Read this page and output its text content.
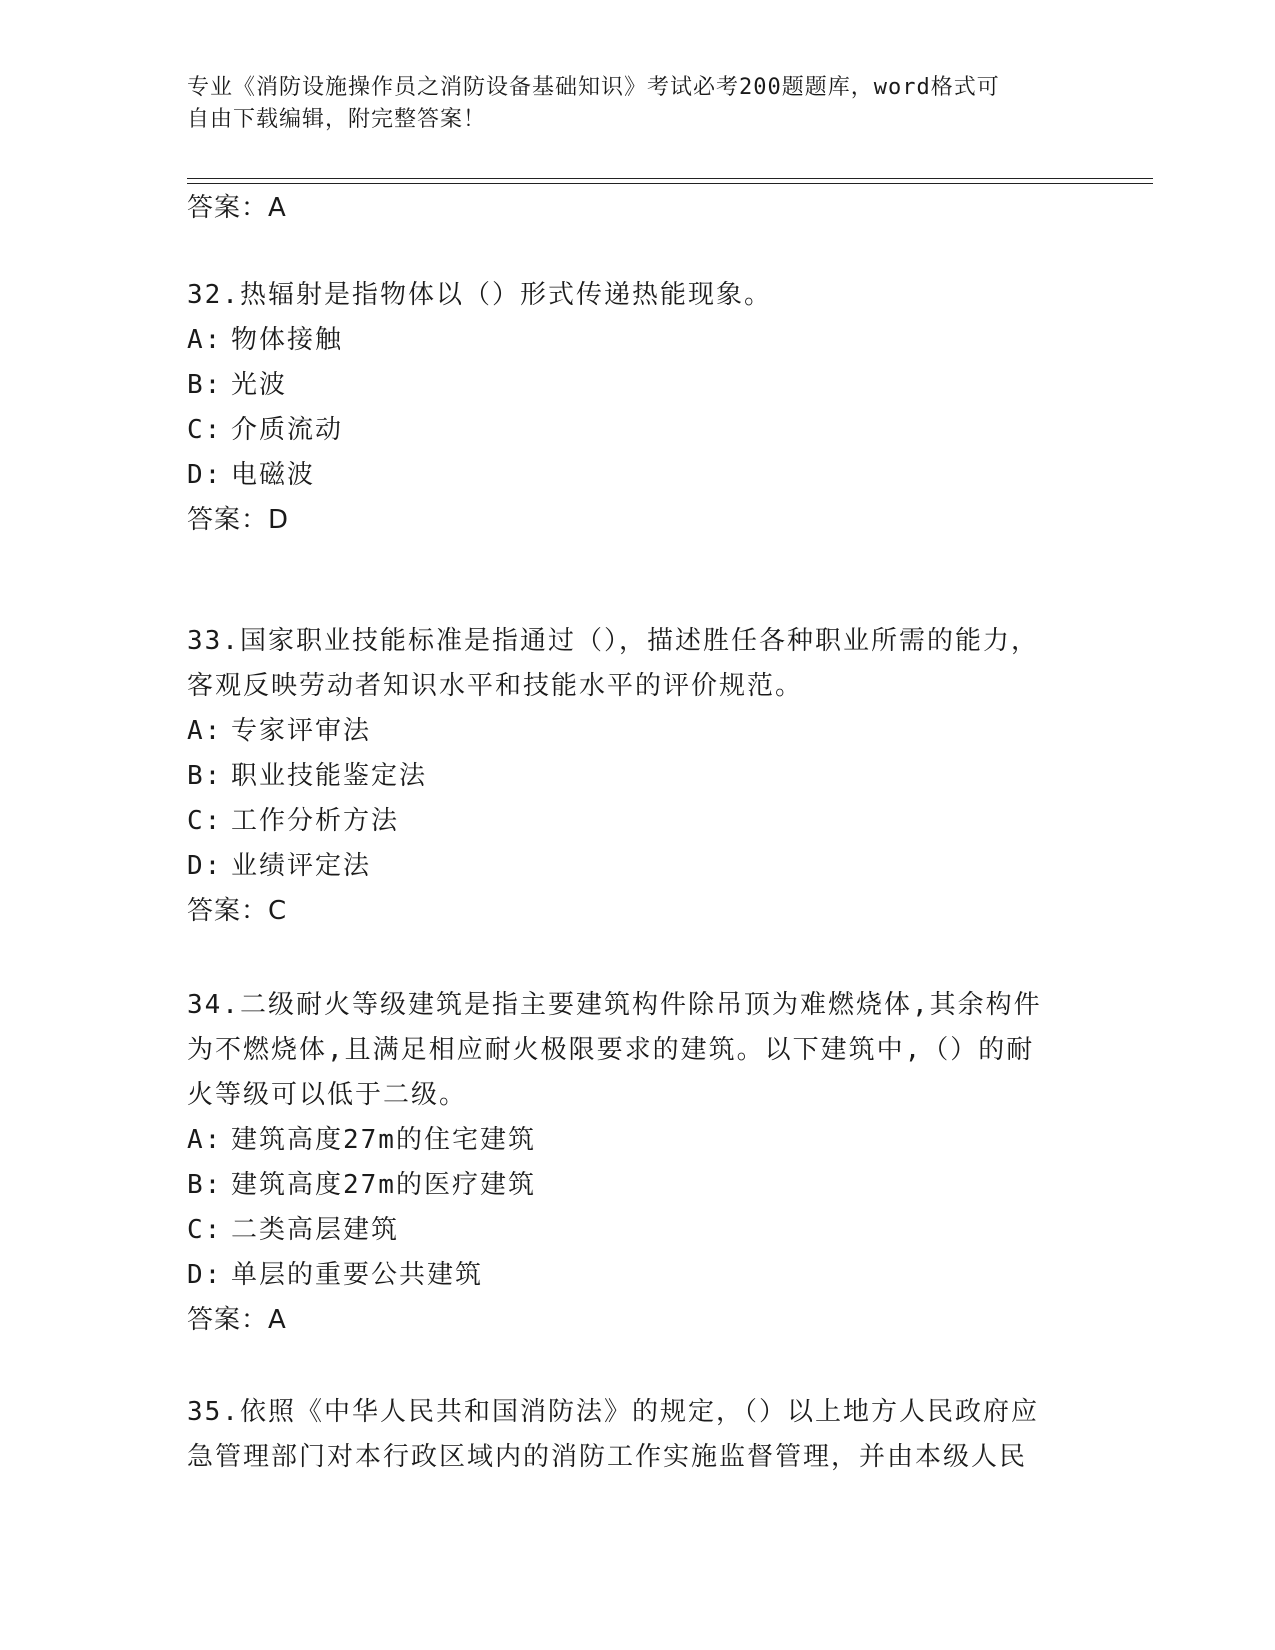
专业《消防设施操作员之消防设备基础知识》考试必考200题题库，word格式可
自由下载编辑，附完整答案！
答案：A
32.热辐射是指物体以（）形式传递热能现象。
A: 物体接触
B: 光波
C: 介质流动
D: 电磁波
答案：D
33.国家职业技能标准是指通过（），描述胜任各种职业所需的能力，
客观反映劳动者知识水平和技能水平的评价规范。
A: 专家评审法
B: 职业技能鉴定法
C: 工作分析方法
D: 业绩评定法
答案：C
34.二级耐火等级建筑是指主要建筑构件除吊顶为难燃烧体,其余构件
为不燃烧体,且满足相应耐火极限要求的建筑。以下建筑中,（）的耐
火等级可以低于二级。
A: 建筑高度27m的住宅建筑
B: 建筑高度27m的医疗建筑
C: 二类高层建筑
D: 单层的重要公共建筑
答案：A
35.依照《中华人民共和国消防法》的规定，（）以上地方人民政府应
急管理部门对本行政区域内的消防工作实施监督管理，并由本级人民
